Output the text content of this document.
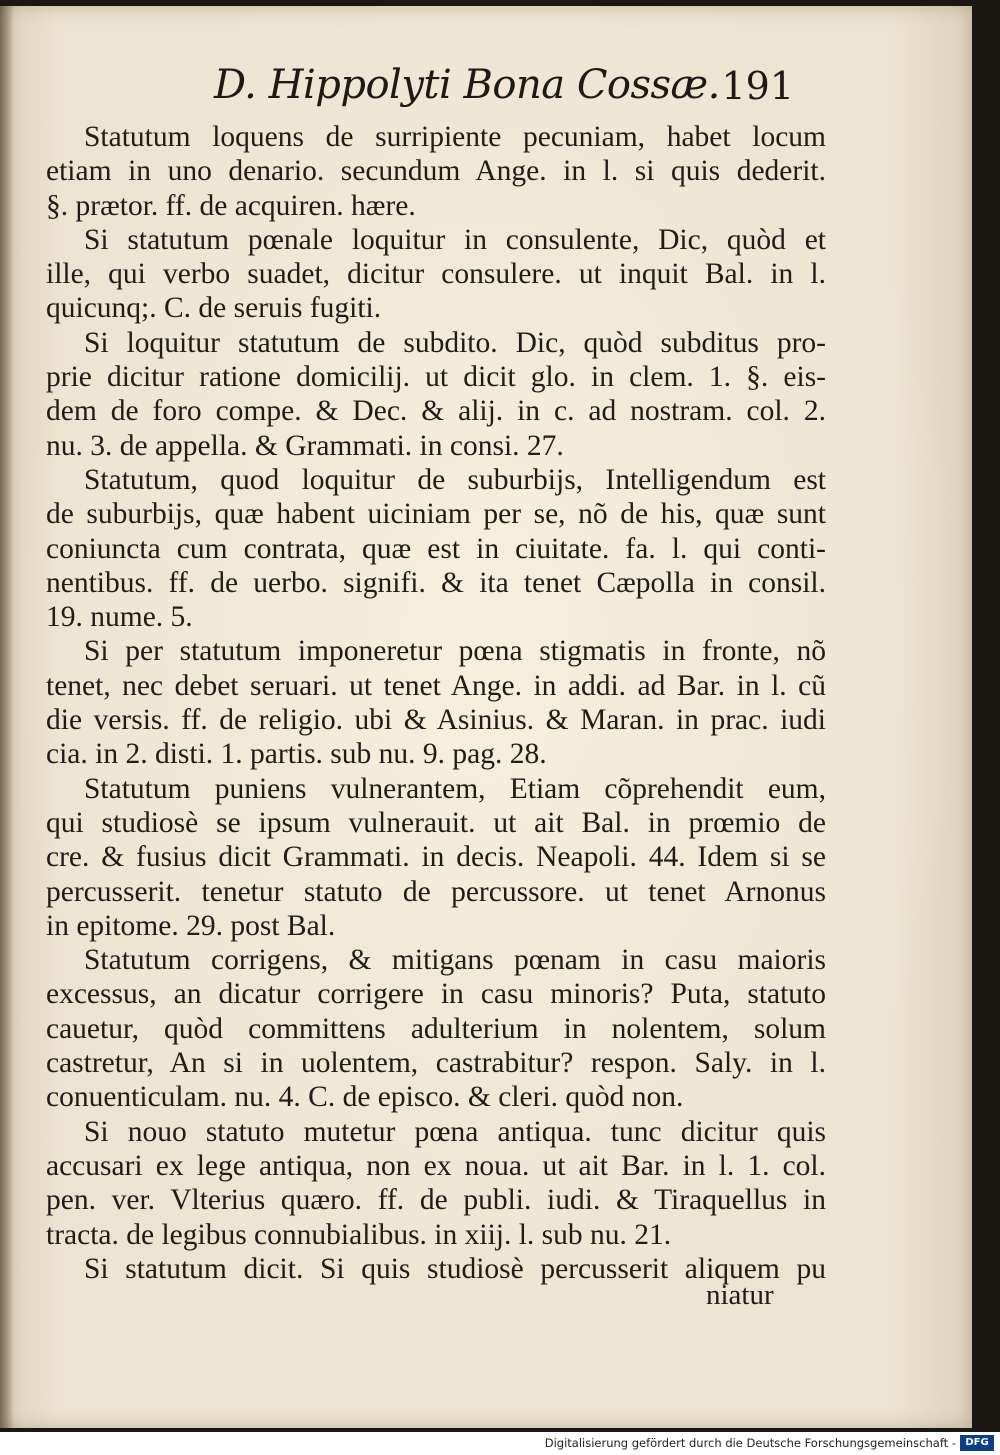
D. Hippolyti Bona Cossæ. 191
Statutum loquens de surripiente pecuniam, habet locum
etiam in uno denario. secundum Ange. in l. si quis dederit.
§. prætor. ff. de acquiren. hære.
Si statutum pœnale loquitur in consulente, Dic, quòd et
ille, qui verbo suadet, dicitur consulere. ut inquit Bal. in l.
quicunq;. C. de seruis fugiti.
Si loquitur statutum de subdito. Dic, quòd subditus pro-
prie dicitur ratione domicilij. ut dicit glo. in clem. 1. §. eis-
dem de foro compe. & Dec. & alij. in c. ad nostram. col. 2.
nu. 3. de appella. & Grammati. in consi. 27.
Statutum, quod loquitur de suburbijs, Intelligendum est
de suburbijs, quæ habent uiciniam per se, nõ de his, quæ sunt
coniuncta cum contrata, quæ est in ciuitate. fa. l. qui conti-
nentibus. ff. de uerbo. signifi. & ita tenet Cæpolla in consil.
19. nume. 5.
Si per statutum imponeretur pœna stigmatis in fronte, nõ
tenet, nec debet seruari. ut tenet Ange. in addi. ad Bar. in l. cũ
die versis. ff. de religio. ubi & Asinius. & Maran. in prac. iudi
cia. in 2. disti. 1. partis. sub nu. 9. pag. 28.
Statutum puniens vulnerantem, Etiam cõprehendit eum,
qui studiosè se ipsum vulnerauit. ut ait Bal. in prœmio de
cre. & fusius dicit Grammati. in decis. Neapoli. 44. Idem si se
percusserit. tenetur statuto de percussore. ut tenet Arnonus
in epitome. 29. post Bal.
Statutum corrigens, & mitigans pœnam in casu maioris
excessus, an dicatur corrigere in casu minoris? Puta, statuto
cauetur, quòd committens adulterium in nolentem, solum
castretur, An si in uolentem, castrabitur? respon. Saly. in l.
conuenticulam. nu. 4. C. de episco. & cleri. quòd non.
Si nouo statuto mutetur pœna antiqua. tunc dicitur quis
accusari ex lege antiqua, non ex noua. ut ait Bar. in l. 1. col.
pen. ver. Vlterius quæro. ff. de publi. iudi. & Tiraquellus in
tracta. de legibus connubialibus. in xiij. l. sub nu. 21.
Si statutum dicit. Si quis studiosè percusserit aliquem pu
niatur
Digitalisierung gefördert durch die Deutsche Forschungsgemeinschaft - DFG
